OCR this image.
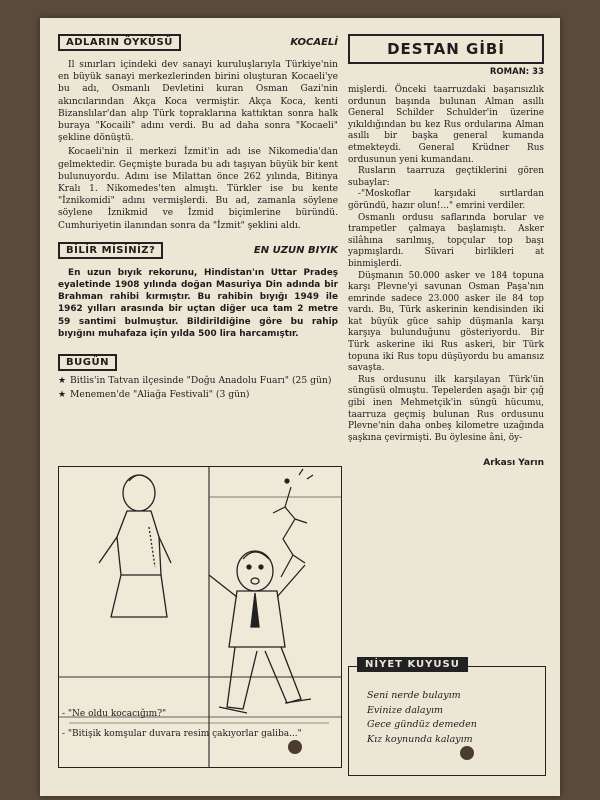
ADLARIN ÖYKÜSÜ	KOCAELİ

Il sınırları içindeki dev sanayi kuruluşlarıyla Türkiye'nin en büyük sanayi merkezlerinden birini oluşturan Kocaeli'ye bu adı, Osmanlı Devletini kuran Osman Gazi'nin akıncılarından Akça Koca vermiştir. Akça Koca, kenti Bizanslılar'dan alıp Türk topraklarına kattıktan sonra halk buraya "Kocaili" adını verdi. Bu ad daha sonra "Kocaeli" şekline dönüştü.

Kocaeli'nin il merkezi İzmit'in adı ise Nikomedia'dan gelmektedir. Geçmişte burada bu adı taşıyan büyük bir kent bulunuyordu. Adını ise Milattan önce 262 yılında, Bitinya Kralı 1. Nikomedes'ten almıştı. Türkler ise bu kente "İznikomidi" adını vermişlerdi. Bu ad, zamanla söylene söylene İznikmid ve İzmid biçimlerine büründü. Cumhuriyetin ilanından sonra da "İzmit" şeklini aldı.

BİLİR MİSİNİZ?	EN UZUN BIYIK

En uzun bıyık rekorunu, Hindistan'ın Uttar Pradeş eyaletinde 1908 yılında doğan Masuriya Din adında bir Brahman rahibi kırmıştır. Bu rahibin bıyığı 1949 ile 1962 yılları arasında bir uçtan diğer uca tam 2 metre 59 santimi bulmuştur. Bildirildiğine göre bu rahip bıyığını muhafaza için yılda 500 lira harcamıştır.

BUGÜN
★ Bitlis'in Tatvan ilçesinde "Doğu Anadolu Fuarı" (25 gün)
★ Menemen'de "Aliağa Festivali" (3 gün)
- "Ne oldu kocacığım?"
- "Bitişik komşular duvara resim çakıyorlar galiba..."
DESTAN GİBİ
ROMAN: 33

mişlerdi. Önceki taarruzdaki başarısızlık ordunun başında bulunan Alman asıllı General Schilder Schulder'in üzerine yıkıldığından bu kez Rus ordularına Alman asıllı bir başka general kumanda etmekteydi. General Krüdner Rus ordusunun yeni kumandanı.

Rusların taarruza geçtiklerini gören subaylar:

-"Moskoflar karşıdaki sırtlardan göründü, hazır olun!..." emrini verdiler.

Osmanlı ordusu saflarında borular ve trampetler çalmaya başlamıştı. Asker silâhına sarılmış, topçular top başı yapmışlardı. Süvari birlikleri at binmişlerdi.

Düşmanın 50.000 asker ve 184 topuna karşı Plevne'yi savunan Osman Paşa'nın emrinde sadece 23.000 asker ile 84 top vardı. Bu, Türk askerinin kendisinden iki kat büyük güce sahip düşmanla karşı karşıya bulunduğunu gösteriyordu. Bir Türk askerine iki Rus askeri, bir Türk topuna iki Rus topu düşüyordu bu amansız savaşta.

Rus ordusunu ilk karşılayan Türk'ün süngüsü olmuştu. Tepelerden aşağı bir çığ gibi inen Mehmetçik'in süngü hücumu, taarruza geçmiş bulunan Rus ordusunu Plevne'nin daha onbeş kilometre uzağında şaşkına çevirmişti. Bu öylesine âni, öy-

Arkası Yarın
NİYET KUYUSU
Seni nerde bulayım
Evinize dalayım
Gece gündüz demeden
Kız koynunda kalayım
